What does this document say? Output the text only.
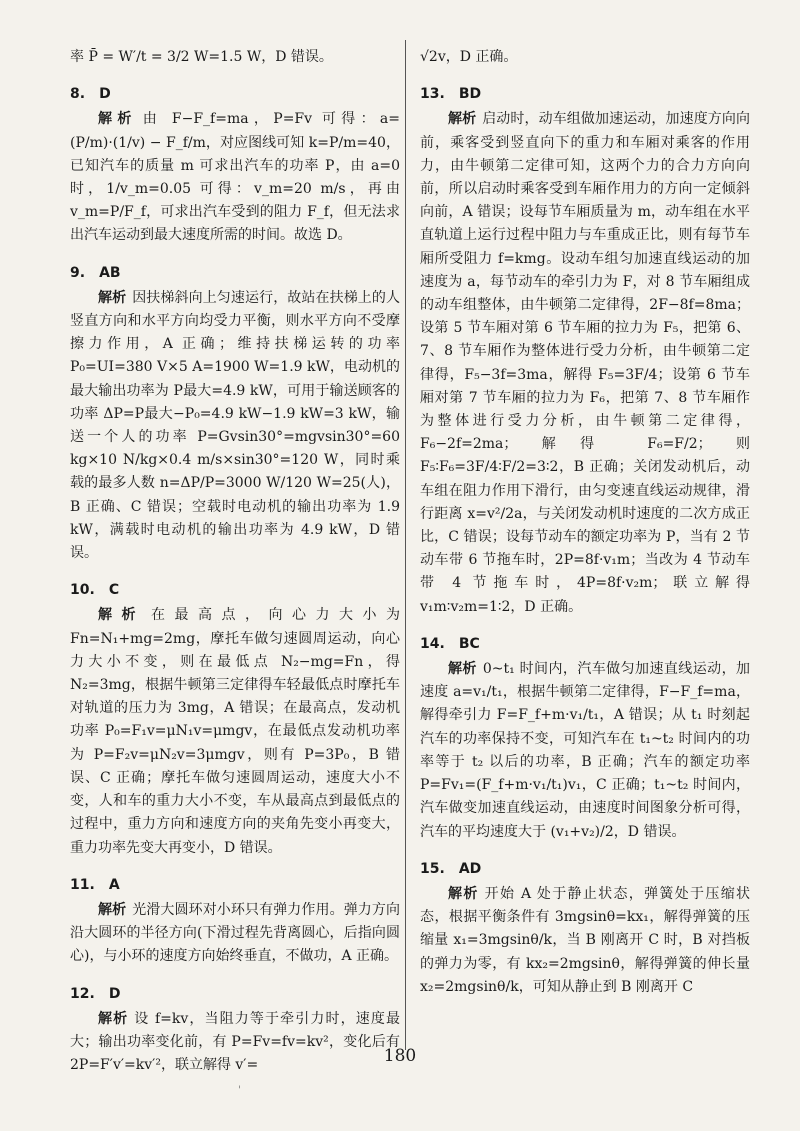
率 P̄ = W′/t = 3/2 W=1.5 W，D 错误。

8. D

解析 由 F−F_f=ma，P=Fv 可得：a=(P/m)·(1/v) − F_f/m，对应图线可知 k=P/m=40，已知汽车的质量 m 可求出汽车的功率 P，由 a=0 时，1/v_m=0.05 可得：v_m=20 m/s，再由 v_m=P/F_f，可求出汽车受到的阻力 F_f，但无法求出汽车运动到最大速度所需的时间。故选 D。

9. AB

解析 因扶梯斜向上匀速运行，故站在扶梯上的人竖直方向和水平方向均受力平衡，则水平方向不受摩擦力作用，A 正确；维持扶梯运转的功率 P₀=UI=380 V×5 A=1900 W=1.9 kW，电动机的最大输出功率为 P最大=4.9 kW，可用于输送顾客的功率 ΔP=P最大−P₀=4.9 kW−1.9 kW=3 kW，输送一个人的功率 P=Gvsin30°=mgvsin30°=60 kg×10 N/kg×0.4 m/s×sin30°=120 W，同时乘载的最多人数 n=ΔP/P=3000 W/120 W=25(人)，B 正确、C 错误；空载时电动机的输出功率为 1.9 kW，满载时电动机的输出功率为 4.9 kW，D 错误。

10. C

解析 在最高点，向心力大小为 Fn=N₁+mg=2mg，摩托车做匀速圆周运动，向心力大小不变，则在最低点 N₂−mg=Fn，得 N₂=3mg，根据牛顿第三定律得车轻最低点时摩托车对轨道的压力为 3mg，A 错误；在最高点，发动机功率 P₀=F₁v=μN₁v=μmgv，在最低点发动机功率为 P=F₂v=μN₂v=3μmgv，则有 P=3P₀，B 错误、C 正确；摩托车做匀速圆周运动，速度大小不变，人和车的重力大小不变，车从最高点到最低点的过程中，重力方向和速度方向的夹角先变小再变大，重力功率先变大再变小，D 错误。

11. A

解析 光滑大圆环对小环只有弹力作用。弹力方向沿大圆环的半径方向(下滑过程先背离圆心，后指向圆心)，与小环的速度方向始终垂直，不做功，A 正确。

12. D

解析 设 f=kv，当阻力等于牵引力时，速度最大；输出功率变化前，有 P=Fv=fv=kv²，变化后有 2P=F′v′=kv′²，联立解得 v′=

√2v，D 正确。

13. BD

解析 启动时，动车组做加速运动，加速度方向向前，乘客受到竖直向下的重力和车厢对乘客的作用力，由牛顿第二定律可知，这两个力的合力方向向前，所以启动时乘客受到车厢作用力的方向一定倾斜向前，A 错误；设每节车厢质量为 m，动车组在水平直轨道上运行过程中阻力与车重成正比，则有每节车厢所受阻力 f=kmg。设动车组匀加速直线运动的加速度为 a，每节动车的牵引力为 F，对 8 节车厢组成的动车组整体，由牛顿第二定律得，2F−8f=8ma；设第 5 节车厢对第 6 节车厢的拉力为 F₅，把第 6、7、8 节车厢作为整体进行受力分析，由牛顿第二定律得，F₅−3f=3ma，解得 F₅=3F/4；设第 6 节车厢对第 7 节车厢的拉力为 F₆，把第 7、8 节车厢作为整体进行受力分析，由牛顿第二定律得，F₆−2f=2ma；解得 F₆=F/2；则 F₅∶F₆=3F/4∶F/2=3∶2，B 正确；关闭发动机后，动车组在阻力作用下滑行，由匀变速直线运动规律，滑行距离 x=v²/2a，与关闭发动机时速度的二次方成正比，C 错误；设每节动车的额定功率为 P，当有 2 节动车带 6 节拖车时，2P=8f·v₁m；当改为 4 节动车带 4 节拖车时，4P=8f·v₂m；联立解得 v₁m∶v₂m=1∶2，D 正确。

14. BC

解析 0~t₁ 时间内，汽车做匀加速直线运动，加速度 a=v₁/t₁，根据牛顿第二定律得，F−F_f=ma，解得牵引力 F=F_f+m·v₁/t₁，A 错误；从 t₁ 时刻起汽车的功率保持不变，可知汽车在 t₁~t₂ 时间内的功率等于 t₂ 以后的功率，B 正确；汽车的额定功率 P=Fv₁=(F_f+m·v₁/t₁)v₁，C 正确；t₁~t₂ 时间内，汽车做变加速直线运动，由速度时间图象分析可得，汽车的平均速度大于 (v₁+v₂)/2，D 错误。

15. AD

解析 开始 A 处于静止状态，弹簧处于压缩状态，根据平衡条件有 3mgsinθ=kx₁，解得弹簧的压缩量 x₁=3mgsinθ/k，当 B 刚离开 C 时，B 对挡板的弹力为零，有 kx₂=2mgsinθ，解得弹簧的伸长量 x₂=2mgsinθ/k，可知从静止到 B 刚离开 C

180
'
